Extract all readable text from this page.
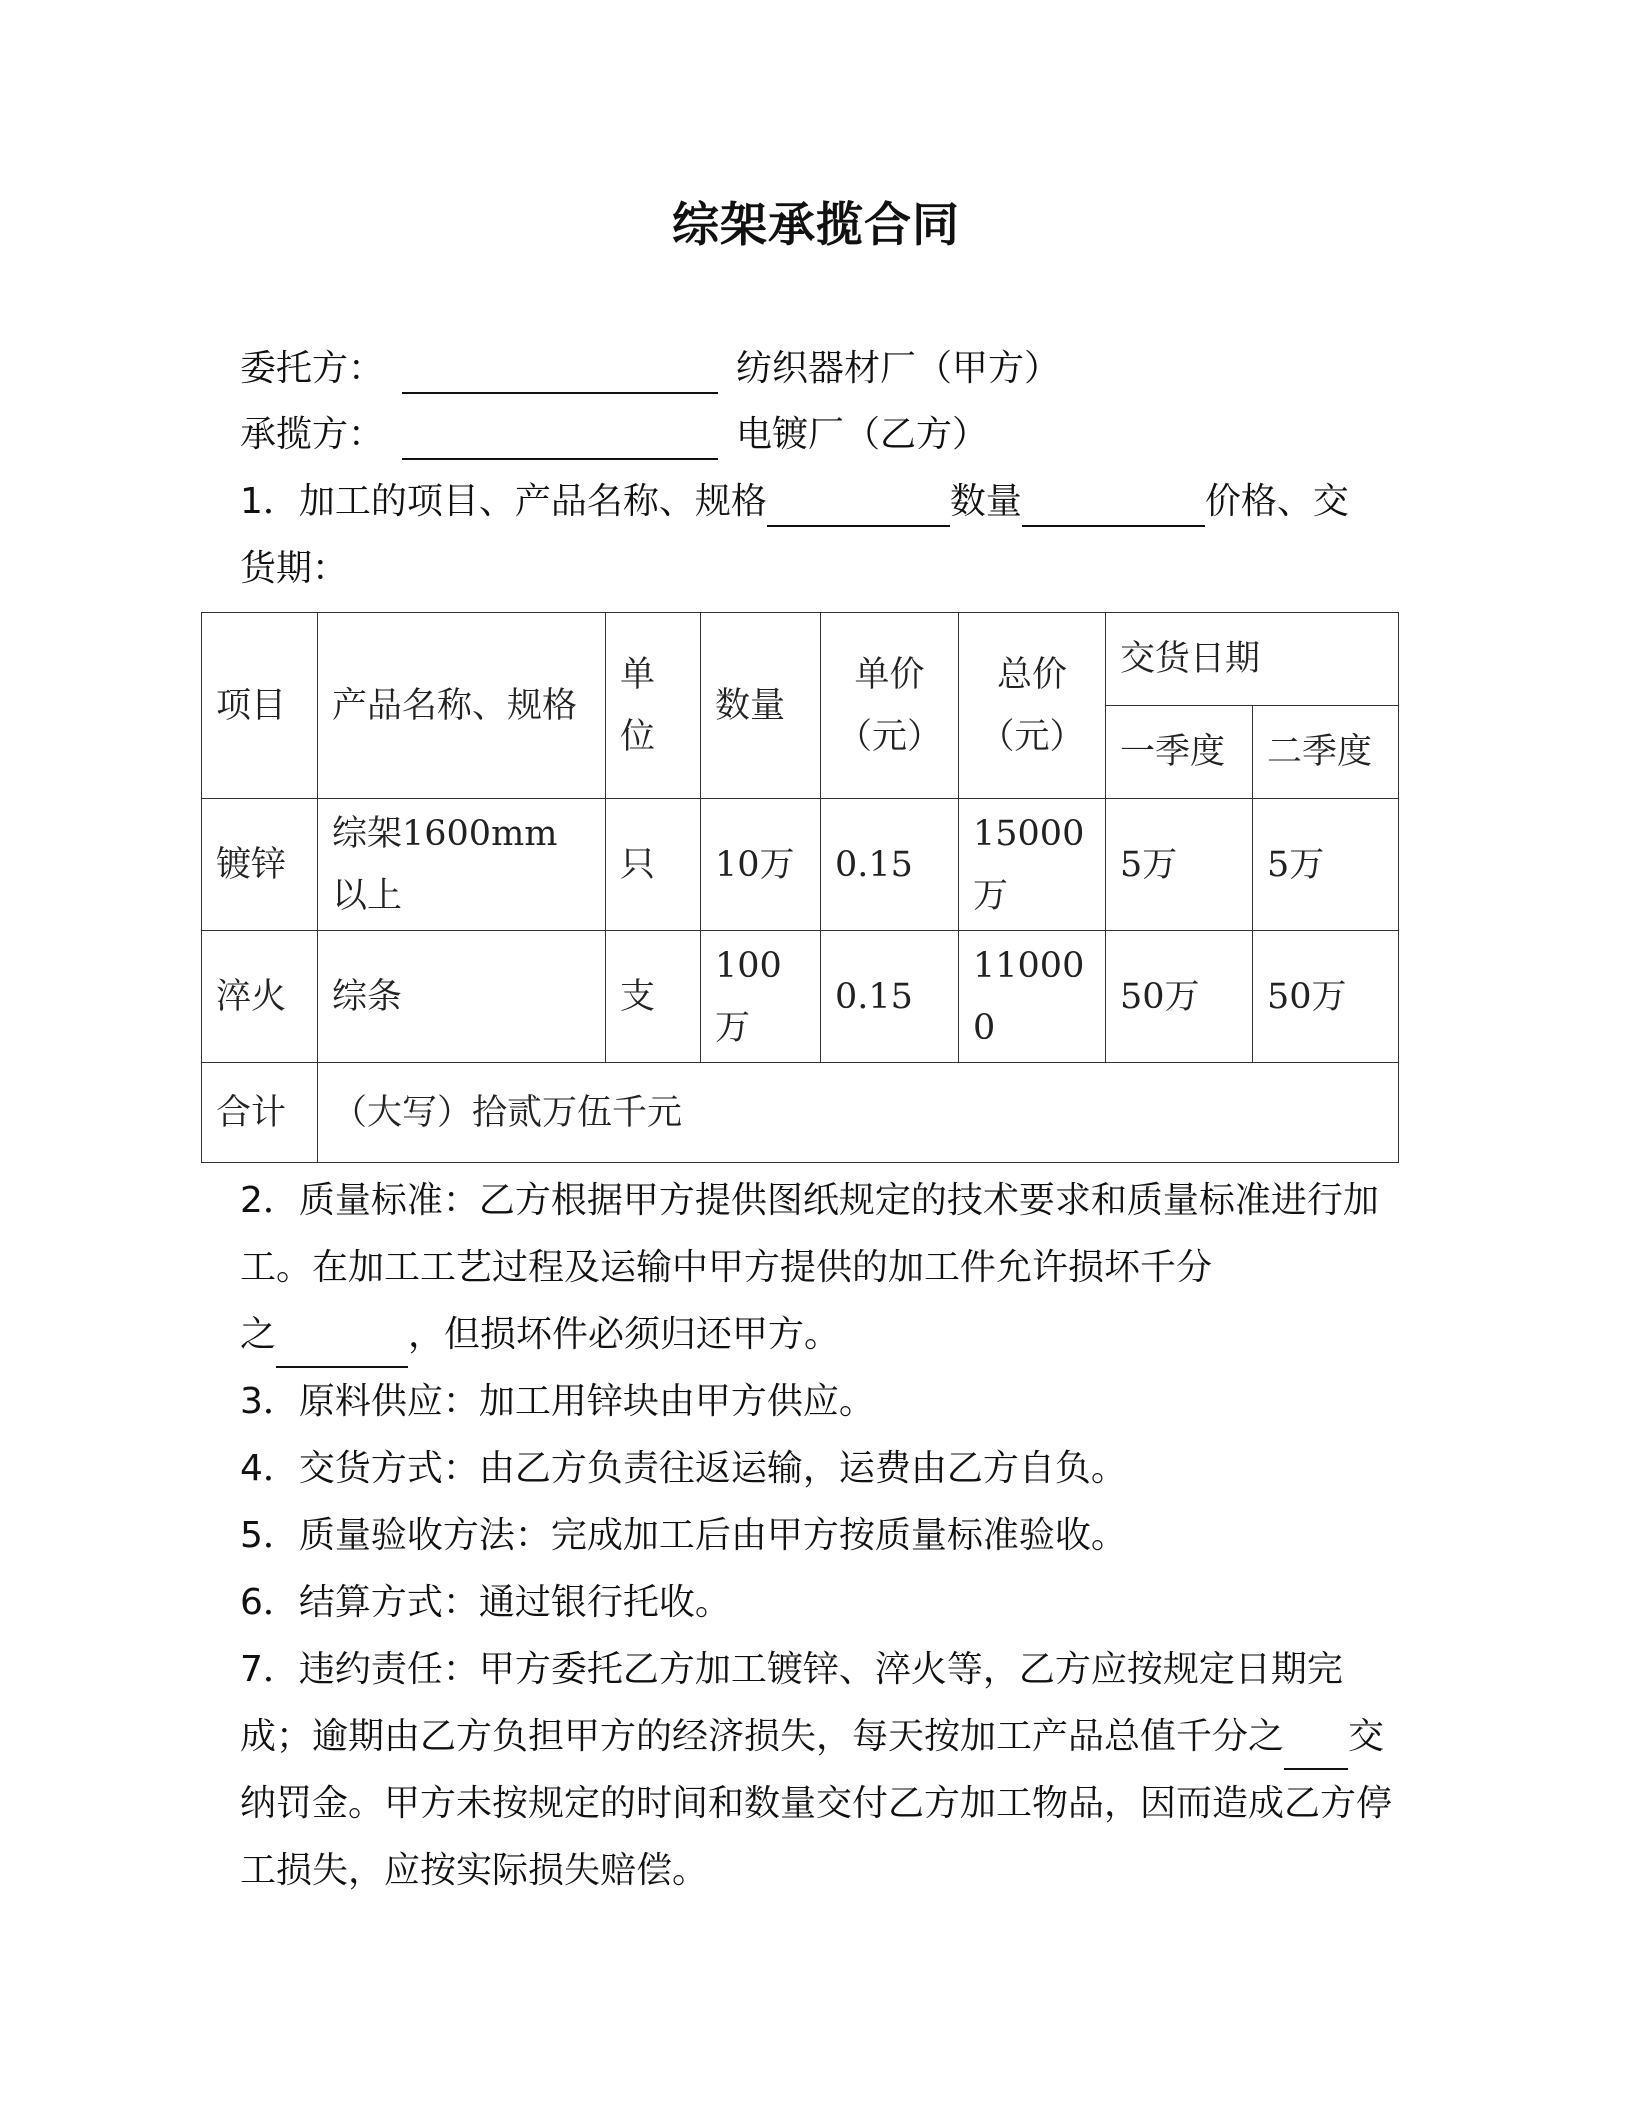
综架承揽合同
委托方：	纺织器材厂（甲方）
承揽方：	电镀厂（乙方）
1．加工的项目、产品名称、规格	数量	价格、交
货期：
项目	产品名称、规格	单位	数量	单价（元）	总价（元）	交货日期	
						一季度	二季度
镀锌	综架1600mm以上	只	10万	0.15	15000万	5万	5万
淬火	综条	支	100万	0.15	110000	50万	50万
合计	（大写）拾贰万伍千元						
2．质量标准：乙方根据甲方提供图纸规定的技术要求和质量标准进行加工。在加工工艺过程及运输中甲方提供的加工件允许损坏千分
之	，但损坏件必须归还甲方。
3．原料供应：加工用锌块由甲方供应。
4．交货方式：由乙方负责往返运输，运费由乙方自负。
5．质量验收方法：完成加工后由甲方按质量标准验收。
6．结算方式：通过银行托收。
7．违约责任：甲方委托乙方加工镀锌、淬火等，乙方应按规定日期完成；逾期由乙方负担甲方的经济损失，每天按加工产品总值千分之 交纳罚金。甲方未按规定的时间和数量交付乙方加工物品，因而造成乙方停工损失，应按实际损失赔偿。
